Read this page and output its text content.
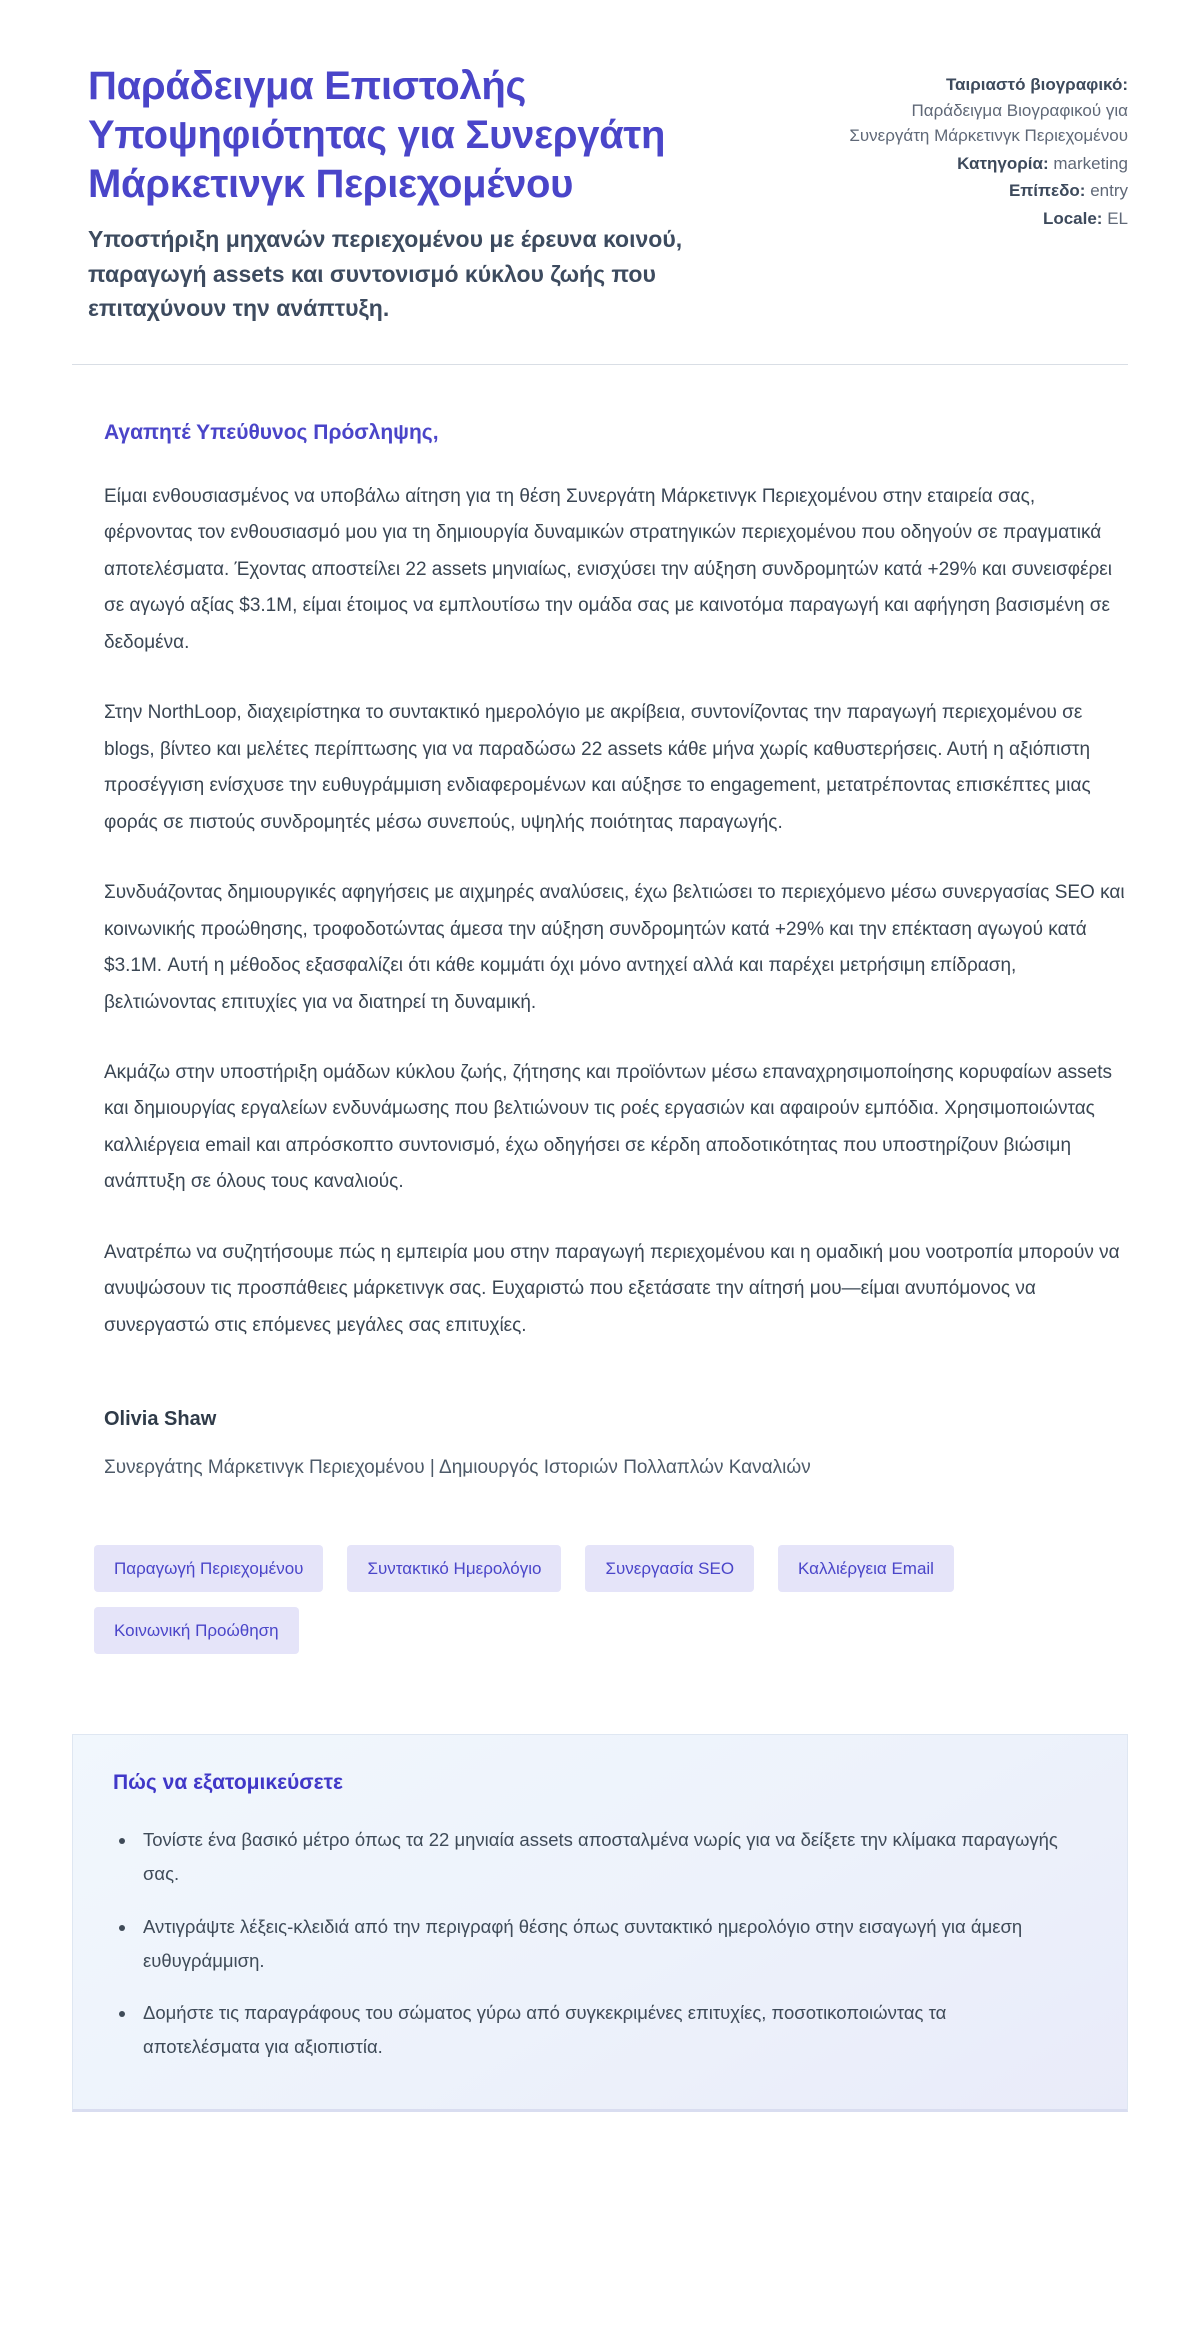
Παράδειγμα Επιστολής Υποψηφιότητας για Συνεργάτη Μάρκετινγκ Περιεχομένου

Υποστήριξη μηχανών περιεχομένου με έρευνα κοινού, παραγωγή assets και συντονισμό κύκλου ζωής που επιταχύνουν την ανάπτυξη.

Ταιριαστό βιογραφικό:
Παράδειγμα Βιογραφικού για Συνεργάτη Μάρκετινγκ Περιεχομένου
Κατηγορία: marketing
Επίπεδο: entry
Locale: EL

Αγαπητέ Υπεύθυνος Πρόσληψης,

Είμαι ενθουσιασμένος να υποβάλω αίτηση για τη θέση Συνεργάτη Μάρκετινγκ Περιεχομένου στην εταιρεία σας, φέρνοντας τον ενθουσιασμό μου για τη δημιουργία δυναμικών στρατηγικών περιεχομένου που οδηγούν σε πραγματικά αποτελέσματα. Έχοντας αποστείλει 22 assets μηνιαίως, ενισχύσει την αύξηση συνδρομητών κατά +29% και συνεισφέρει σε αγωγό αξίας $3.1M, είμαι έτοιμος να εμπλουτίσω την ομάδα σας με καινοτόμα παραγωγή και αφήγηση βασισμένη σε δεδομένα.

Στην NorthLoop, διαχειρίστηκα το συντακτικό ημερολόγιο με ακρίβεια, συντονίζοντας την παραγωγή περιεχομένου σε blogs, βίντεο και μελέτες περίπτωσης για να παραδώσω 22 assets κάθε μήνα χωρίς καθυστερήσεις. Αυτή η αξιόπιστη προσέγγιση ενίσχυσε την ευθυγράμμιση ενδιαφερομένων και αύξησε το engagement, μετατρέποντας επισκέπτες μιας φοράς σε πιστούς συνδρομητές μέσω συνεπούς, υψηλής ποιότητας παραγωγής.

Συνδυάζοντας δημιουργικές αφηγήσεις με αιχμηρές αναλύσεις, έχω βελτιώσει το περιεχόμενο μέσω συνεργασίας SEO και κοινωνικής προώθησης, τροφοδοτώντας άμεσα την αύξηση συνδρομητών κατά +29% και την επέκταση αγωγού κατά $3.1M. Αυτή η μέθοδος εξασφαλίζει ότι κάθε κομμάτι όχι μόνο αντηχεί αλλά και παρέχει μετρήσιμη επίδραση, βελτιώνοντας επιτυχίες για να διατηρεί τη δυναμική.

Ακμάζω στην υποστήριξη ομάδων κύκλου ζωής, ζήτησης και προϊόντων μέσω επαναχρησιμοποίησης κορυφαίων assets και δημιουργίας εργαλείων ενδυνάμωσης που βελτιώνουν τις ροές εργασιών και αφαιρούν εμπόδια. Χρησιμοποιώντας καλλιέργεια email και απρόσκοπτο συντονισμό, έχω οδηγήσει σε κέρδη αποδοτικότητας που υποστηρίζουν βιώσιμη ανάπτυξη σε όλους τους καναλιούς.

Ανατρέπω να συζητήσουμε πώς η εμπειρία μου στην παραγωγή περιεχομένου και η ομαδική μου νοοτροπία μπορούν να ανυψώσουν τις προσπάθειες μάρκετινγκ σας. Ευχαριστώ που εξετάσατε την αίτησή μου—είμαι ανυπόμονος να συνεργαστώ στις επόμενες μεγάλες σας επιτυχίες.

Olivia Shaw

Συνεργάτης Μάρκετινγκ Περιεχομένου | Δημιουργός Ιστοριών Πολλαπλών Καναλιών

Παραγωγή Περιεχομένου	Συντακτικό Ημερολόγιο	Συνεργασία SEO	Καλλιέργεια Email
Κοινωνική Προώθηση
Πώς να εξατομικεύσετε
• Τονίστε ένα βασικό μέτρο όπως τα 22 μηνιαία assets αποσταλμένα νωρίς για να δείξετε την κλίμακα παραγωγής σας.
• Αντιγράψτε λέξεις-κλειδιά από την περιγραφή θέσης όπως συντακτικό ημερολόγιο στην εισαγωγή για άμεση ευθυγράμμιση.
• Δομήστε τις παραγράφους του σώματος γύρω από συγκεκριμένες επιτυχίες, ποσοτικοποιώντας τα αποτελέσματα για αξιοπιστία.
